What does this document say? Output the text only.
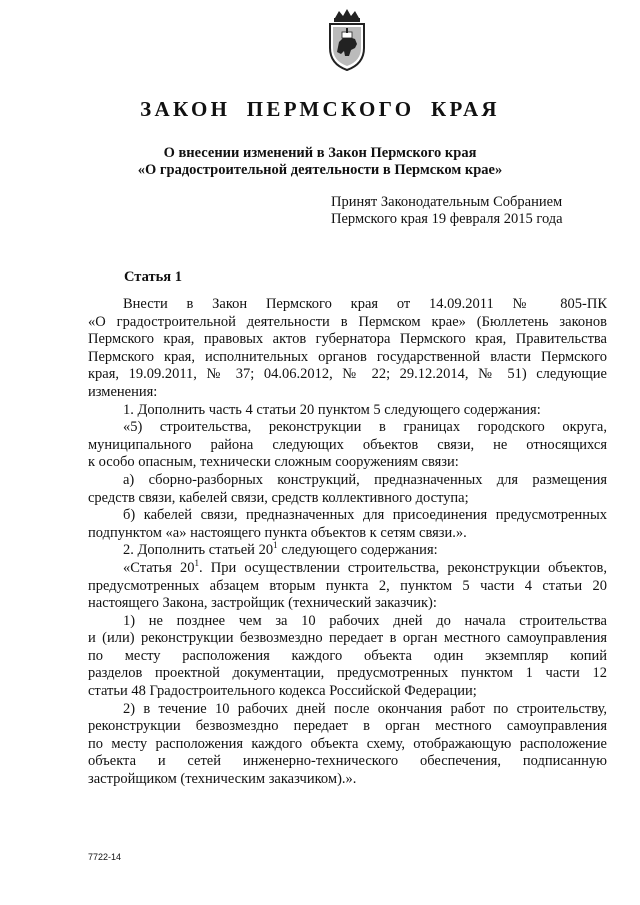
ЗАКОН ПЕРМСКОГО КРАЯ
О внесении изменений в Закон Пермского края
«О градостроительной деятельности в Пермском крае»
Принят Законодательным Собранием
Пермского края 19 февраля 2015 года
Статья 1
Внести в Закон Пермского края от 14.09.2011 № 805-ПК
«О градостроительной деятельности в Пермском крае» (Бюллетень законов
Пермского края, правовых актов губернатора Пермского края, Правительства
Пермского края, исполнительных органов государственной власти Пермского
края, 19.09.2011, № 37; 04.06.2012, № 22; 29.12.2014, № 51) следующие
изменения:
1. Дополнить часть 4 статьи 20 пунктом 5 следующего содержания:
«5) строительства, реконструкции в границах городского округа,
муниципального района следующих объектов связи, не относящихся
к особо опасным, технически сложным сооружениям связи:
а) сборно-разборных конструкций, предназначенных для размещения
средств связи, кабелей связи, средств коллективного доступа;
б) кабелей связи, предназначенных для присоединения предусмотренных
подпунктом «а» настоящего пункта объектов к сетям связи.».
2. Дополнить статьей $20^1$ следующего содержания:
«Статья $20^1$. При осуществлении строительства, реконструкции объектов,
предусмотренных абзацем вторым пункта 2, пунктом 5 части 4 статьи 20
настоящего Закона, застройщик (технический заказчик):
1) не позднее чем за 10 рабочих дней до начала строительства
и (или) реконструкции безвозмездно передает в орган местного самоуправления
по месту расположения каждого объекта один экземпляр копий
разделов проектной документации, предусмотренных пунктом 1 части 12
статьи 48 Градостроительного кодекса Российской Федерации;
2) в течение 10 рабочих дней после окончания работ по строительству,
реконструкции безвозмездно передает в орган местного самоуправления
по месту расположения каждого объекта схему, отображающую расположение
объекта и сетей инженерно-технического обеспечения, подписанную
застройщиком (техническим заказчиком).».
7722-14
